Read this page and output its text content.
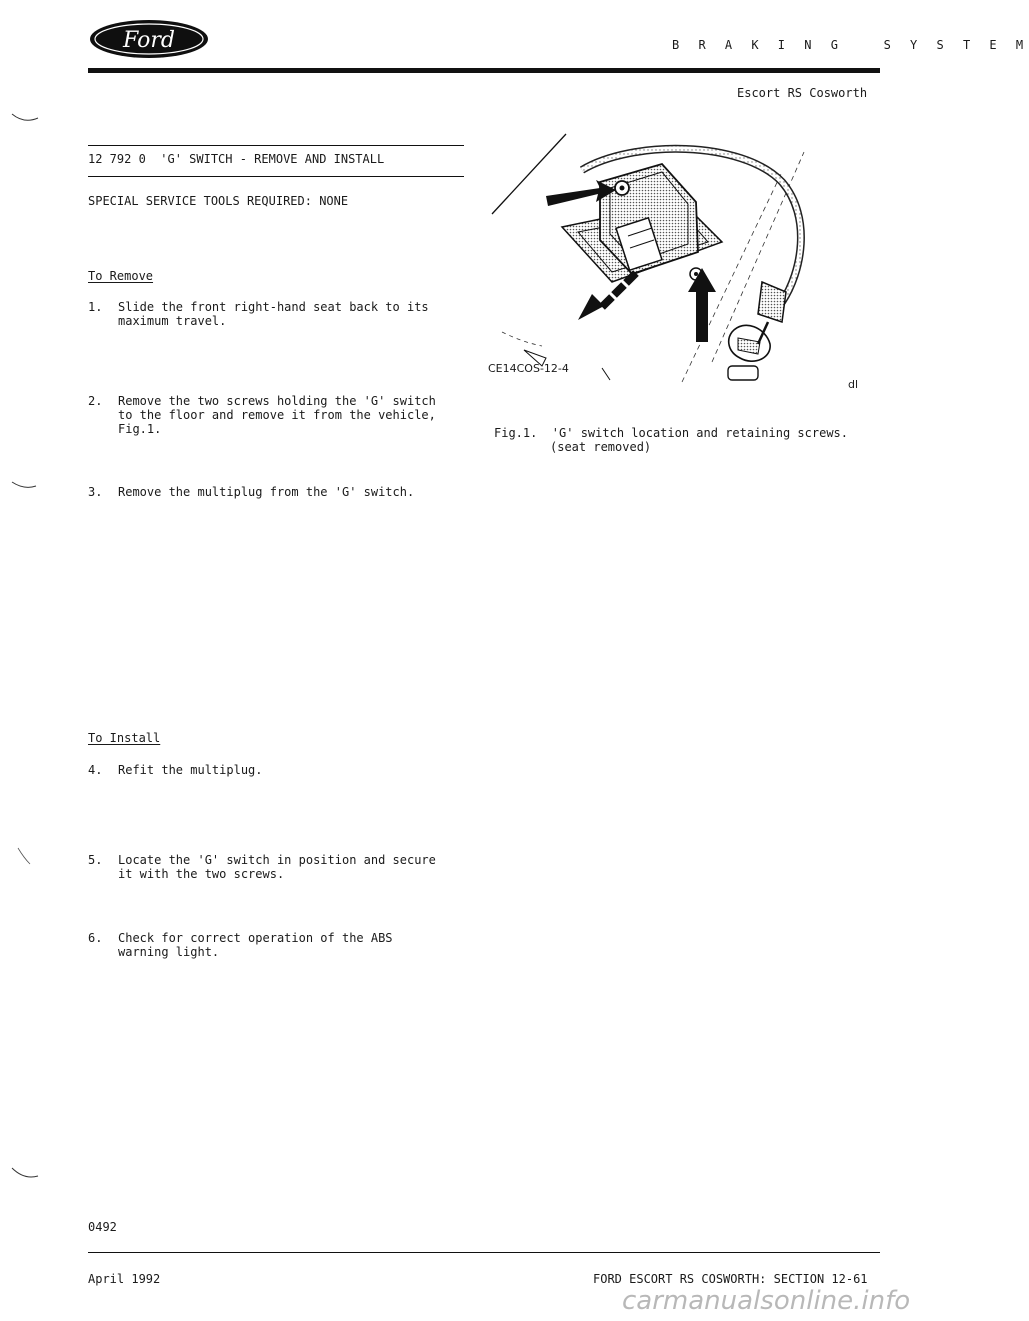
Ford	B R A K I N G   S Y S T E M
Escort RS Cosworth
12 792 0  'G' SWITCH - REMOVE AND INSTALL
SPECIAL SERVICE TOOLS REQUIRED: NONE
To Remove
1. Slide the front right-hand seat back to its
maximum travel.
2. Remove the two screws holding the 'G' switch
to the floor and remove it from the vehicle,
Fig.1.
3. Remove the multiplug from the 'G' switch.
To Install
4. Refit the multiplug.
5. Locate the 'G' switch in position and secure
it with the two screws.
6. Check for correct operation of the ABS
warning light.
CE14COS-12-4
dl
Fig.1.  'G' switch location and retaining screws.
(seat removed)
0492
April 1992	FORD ESCORT RS COSWORTH: SECTION 12-61
carmanualsonline.info
